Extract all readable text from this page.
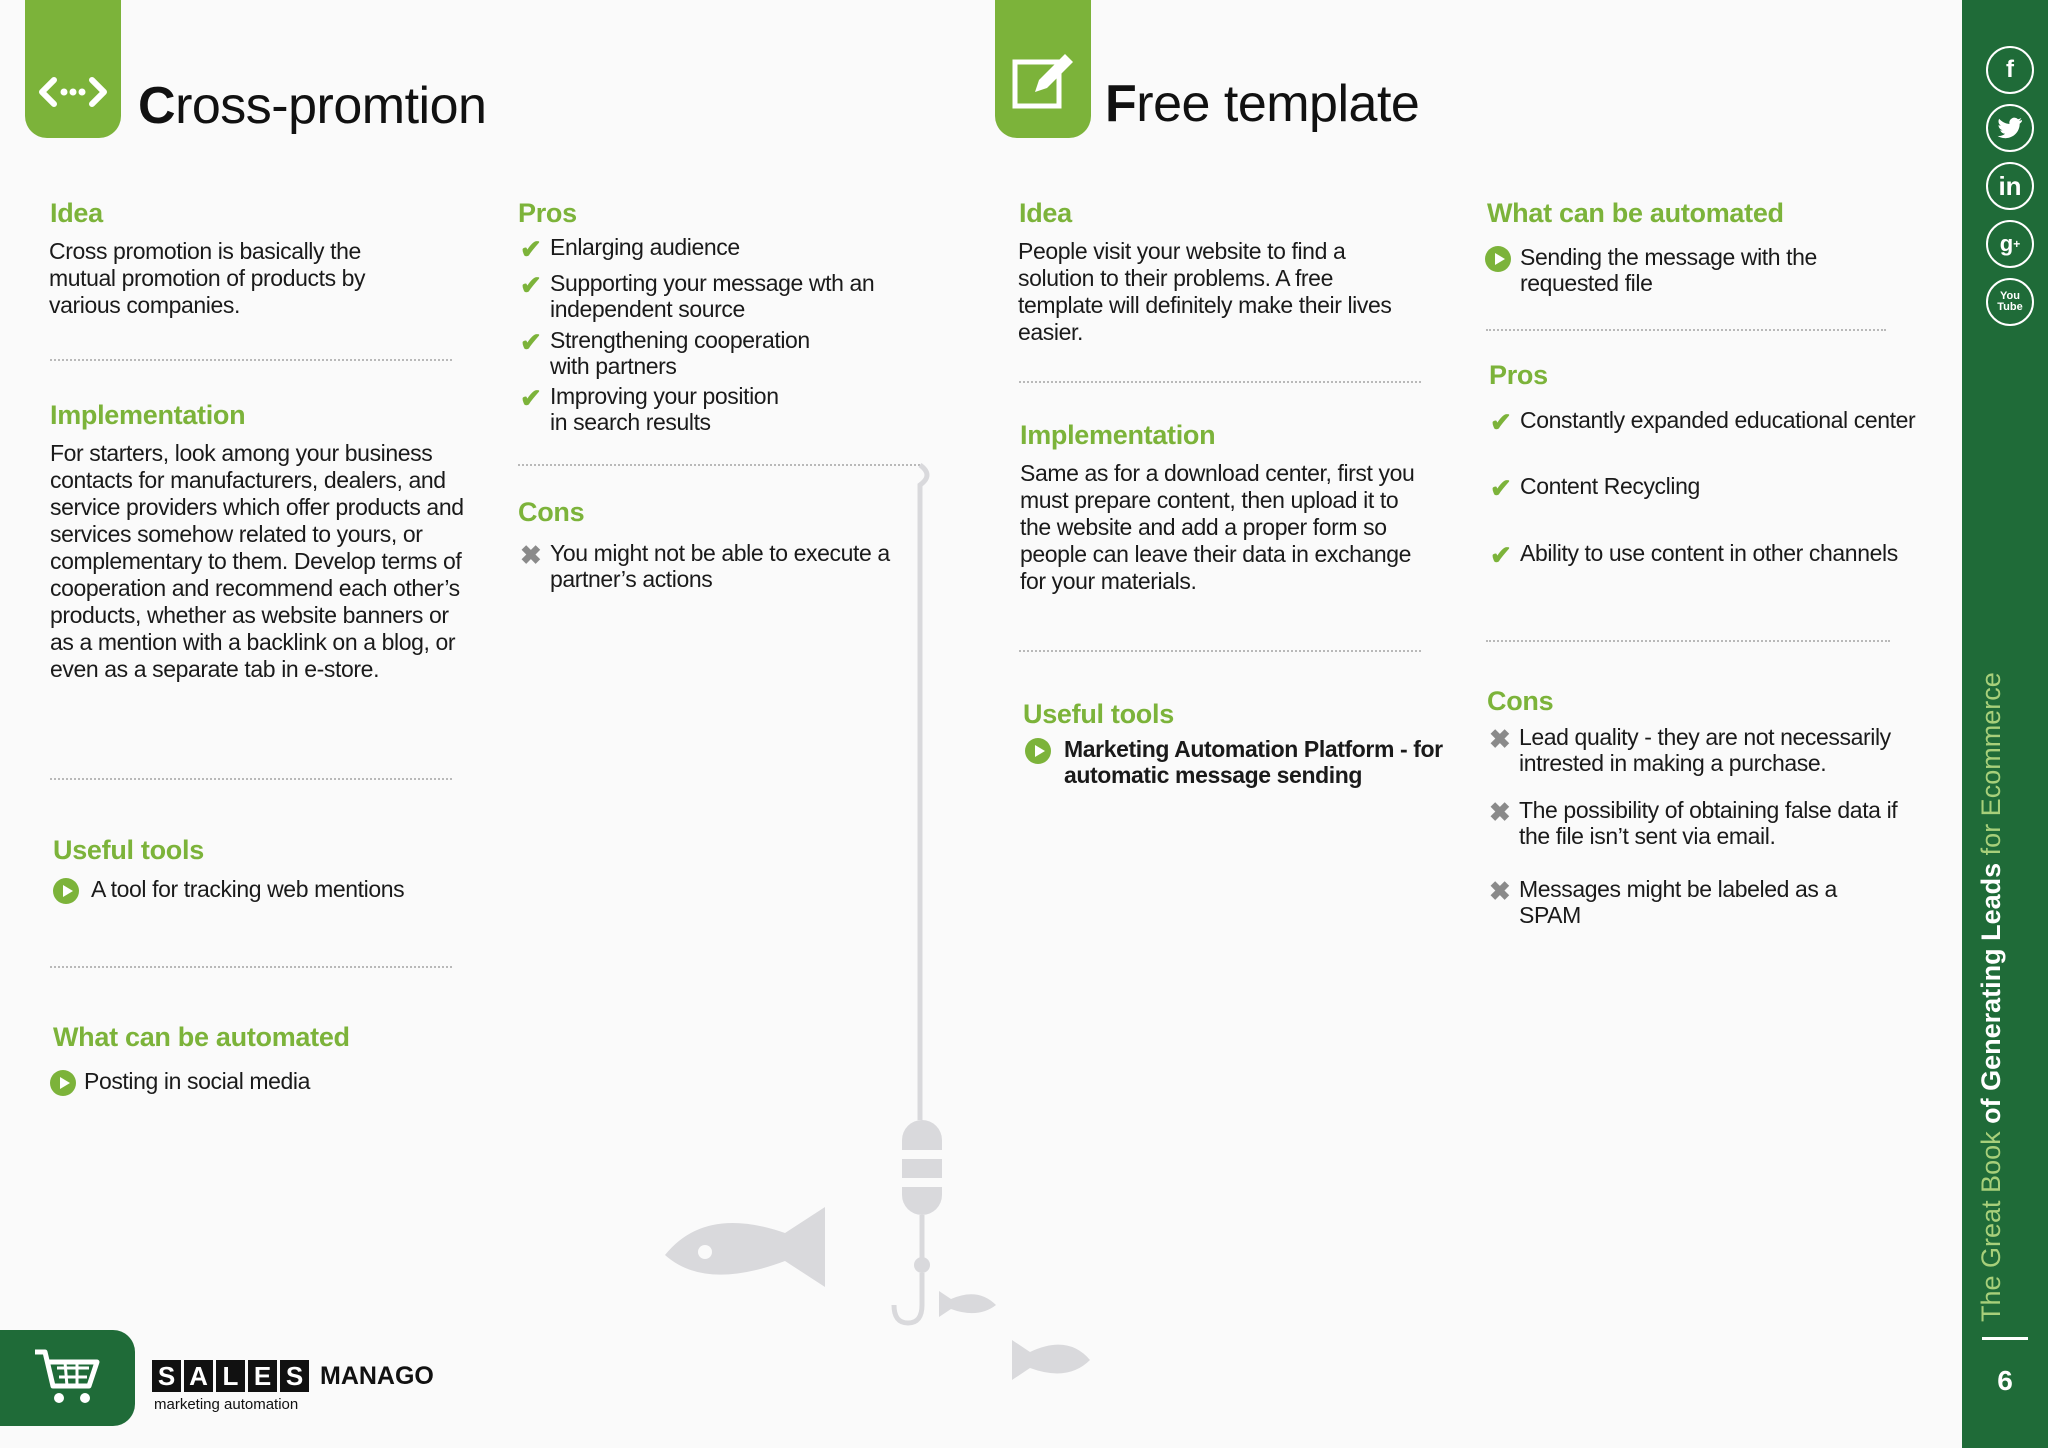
Cross-promtion
Idea

Cross promotion is basically the mutual promotion of products by various companies.

Implementation

For starters, look among your business contacts for manufacturers, dealers, and service providers which offer products and services somehow related to yours, or complementary to them. Develop terms of cooperation and recommend each other’s products, whether as website banners or as a mention with a backlink on a blog, or even as a separate tab in e-store.

Useful tools
A tool for tracking web mentions
What can be automated
Posting in social media
Pros
✔ Enlarging audience
✔ Supporting your message wth an independent source
✔ Strengthening cooperation with partners
✔ Improving your position in search results
Cons
✖ You might not be able to execute a partner’s actions
Free template
Idea

People visit your website to find a solution to their problems. A free template will definitely make their lives easier.

Implementation

Same as for a download center, first you must prepare content, then upload it to the website and add a proper form so people can leave their data in exchange for your materials.

Useful tools
Marketing Automation Platform - for automatic message sending
What can be automated
Sending the message with the requested file
Pros
✔ Constantly expanded educational center
✔ Content Recycling
✔ Ability to use content in other channels
Cons
✖ Lead quality - they are not necessarily intrested in making a purchase.
✖ The possibility of obtaining false data if the file isn’t sent via email.
✖ Messages might be labeled as a SPAM
f
in
g +
You
Tube
The Great Book of Generating Leads for Ecommerce
6
S A L E S MANAGO
marketing automation
